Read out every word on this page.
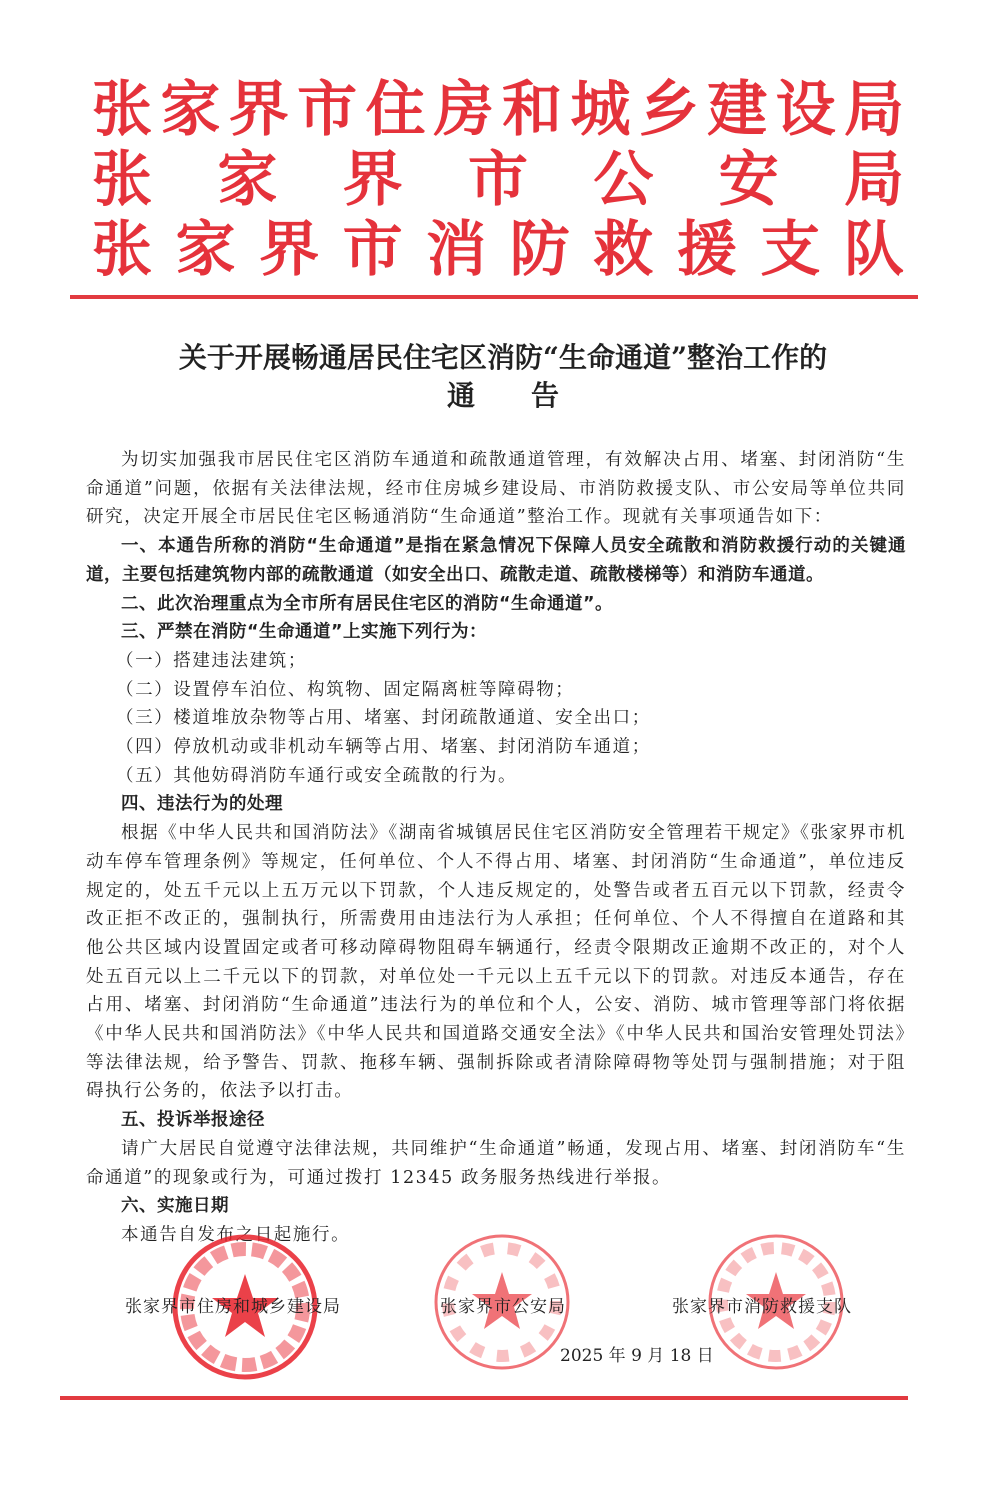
张 家 界 市 住 房 和 城 乡 建 设 局
张 家 界 市 公 安 局
张 家 界 市 消 防 救 援 支 队
关于开展畅通居民住宅区消防“生命通道”整治工作的
通　　告

为切实加强我市居民住宅区消防车通道和疏散通道管理，有效解决占用、堵塞、封闭消防“生命通道”问题，依据有关法律法规，经市住房城乡建设局、市消防救援支队、市公安局等单位共同研究，决定开展全市居民住宅区畅通消防“生命通道”整治工作。现就有关事项通告如下：

一、本通告所称的消防“生命通道”是指在紧急情况下保障人员安全疏散和消防救援行动的关键通道，主要包括建筑物内部的疏散通道（如安全出口、疏散走道、疏散楼梯等）和消防车通道。

二、此次治理重点为全市所有居民住宅区的消防“生命通道”。

三、严禁在消防“生命通道”上实施下列行为：

（一）搭建违法建筑；

（二）设置停车泊位、构筑物、固定隔离桩等障碍物；

（三）楼道堆放杂物等占用、堵塞、封闭疏散通道、安全出口；

（四）停放机动或非机动车辆等占用、堵塞、封闭消防车通道；

（五）其他妨碍消防车通行或安全疏散的行为。

四、违法行为的处理

根据《中华人民共和国消防法》《湖南省城镇居民住宅区消防安全管理若干规定》《张家界市机动车停车管理条例》等规定，任何单位、个人不得占用、堵塞、封闭消防“生命通道”，单位违反规定的，处五千元以上五万元以下罚款，个人违反规定的，处警告或者五百元以下罚款，经责令改正拒不改正的，强制执行，所需费用由违法行为人承担；任何单位、个人不得擅自在道路和其他公共区域内设置固定或者可移动障碍物阻碍车辆通行，经责令限期改正逾期不改正的，对个人处五百元以上二千元以下的罚款，对单位处一千元以上五千元以下的罚款。对违反本通告，存在占用、堵塞、封闭消防“生命通道”违法行为的单位和个人，公安、消防、城市管理等部门将依据《中华人民共和国消防法》《中华人民共和国道路交通安全法》《中华人民共和国治安管理处罚法》等法律法规，给予警告、罚款、拖移车辆、强制拆除或者清除障碍物等处罚与强制措施；对于阻碍执行公务的，依法予以打击。

五、投诉举报途径

请广大居民自觉遵守法律法规，共同维护“生命通道”畅通，发现占用、堵塞、封闭消防车“生命通道”的现象或行为，可通过拨打 12345 政务服务热线进行举报。

六、实施日期

本通告自发布之日起施行。

张家界市住房和城乡建设局	张家界市公安局	张家界市消防救援支队
2025 年 9 月 18 日
